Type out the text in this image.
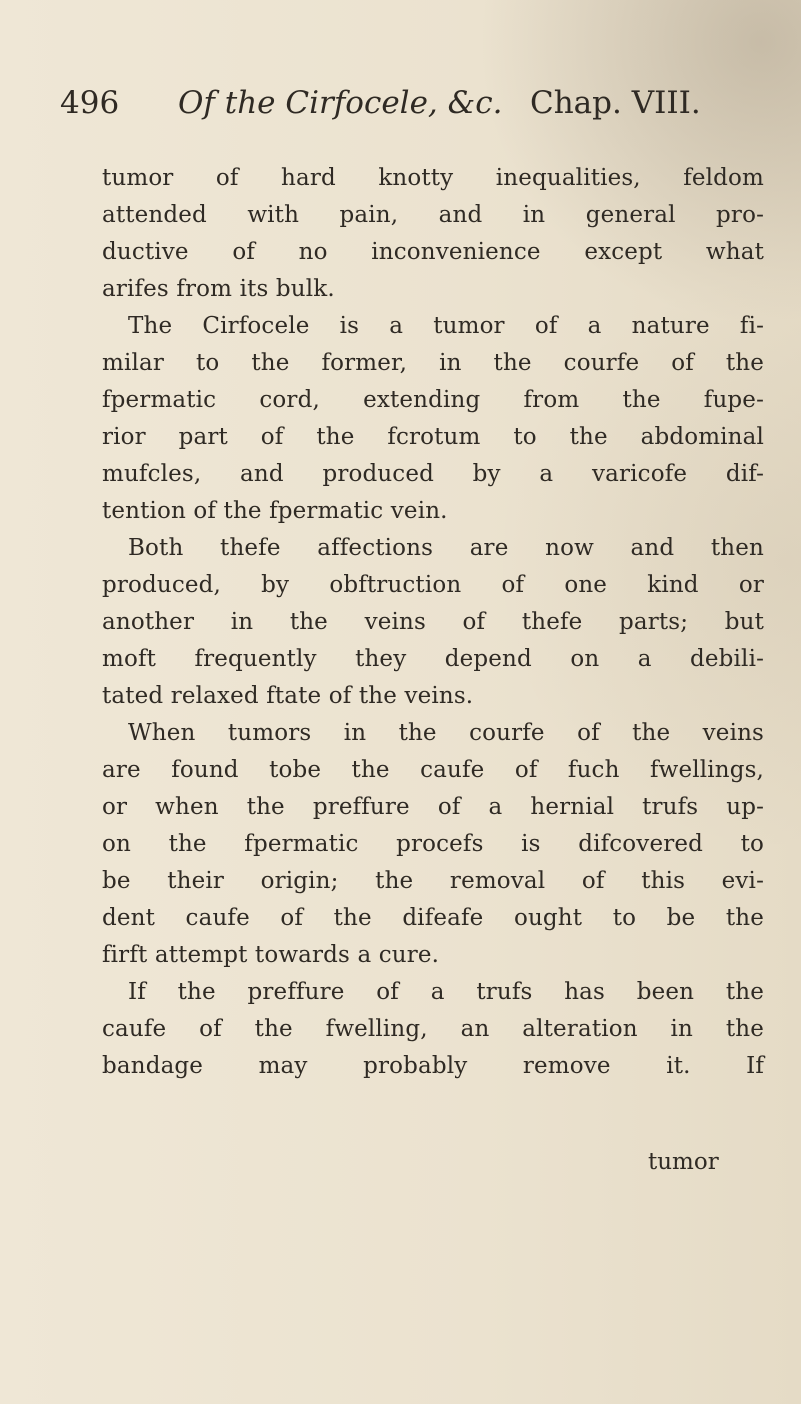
496 Of the Cirfocele, &c. Chap. VIII.
tumor of hard knotty inequalities, feldom
attended with pain, and in general pro-
ductive of no inconvenience except what
arifes from its bulk.
The Cirfocele is a tumor of a nature fi-
milar to the former, in the courfe of the
fpermatic cord, extending from the fupe-
rior part of the fcrotum to the abdominal
mufcles, and produced by a varicofe dif-
tention of the fpermatic vein.
Both thefe affections are now and then
produced, by obftruction of one kind or
another in the veins of thefe parts; but
moft frequently they depend on a debili-
tated relaxed ftate of the veins.
When tumors in the courfe of the veins
are found tobe the caufe of fuch fwellings,
or when the preffure of a hernial trufs up-
on the fpermatic procefs is difcovered to
be their origin; the removal of this evi-
dent caufe of the difeafe ought to be the
firft attempt towards a cure.
If the preffure of a trufs has been the
caufe of the fwelling, an alteration in the
bandage may probably remove it. If
tumor
